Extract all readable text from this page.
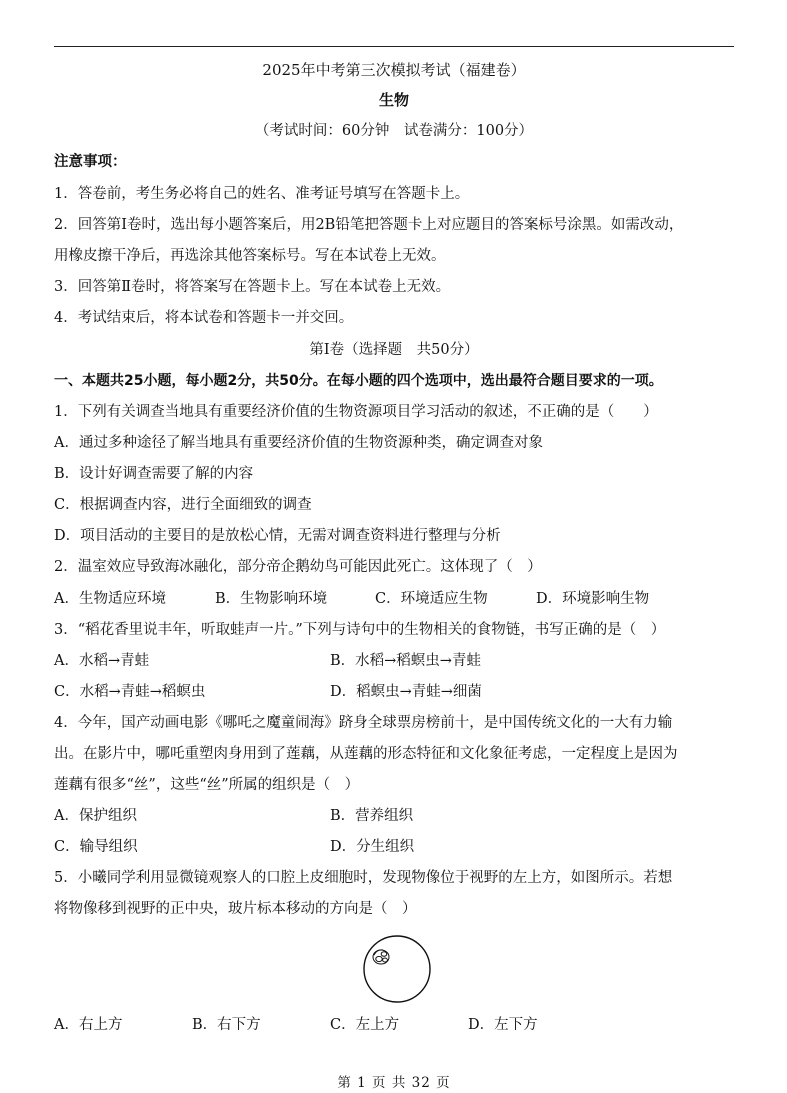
2025年中考第三次模拟考试（福建卷）
生物
（考试时间：60分钟　试卷满分：100分）
注意事项：
1．答卷前，考生务必将自己的姓名、准考证号填写在答题卡上。
2．回答第Ⅰ卷时，选出每小题答案后，用2B铅笔把答题卡上对应题目的答案标号涂黑。如需改动，
用橡皮擦干净后，再选涂其他答案标号。写在本试卷上无效。
3．回答第Ⅱ卷时，将答案写在答题卡上。写在本试卷上无效。
4．考试结束后，将本试卷和答题卡一并交回。
第Ⅰ卷（选择题　共50分）
一、本题共25小题，每小题2分，共50分。在每小题的四个选项中，选出最符合题目要求的一项。
1．下列有关调查当地具有重要经济价值的生物资源项目学习活动的叙述，不正确的是（　　）
A．通过多种途径了解当地具有重要经济价值的生物资源种类，确定调查对象
B．设计好调查需要了解的内容
C．根据调查内容，进行全面细致的调查
D．项目活动的主要目的是放松心情，无需对调查资料进行整理与分析
2．温室效应导致海冰融化，部分帝企鹅幼鸟可能因此死亡。这体现了（　）
A．生物适应环境	B．生物影响环境	C．环境适应生物	D．环境影响生物
3．“稻花香里说丰年，听取蛙声一片。”下列与诗句中的生物相关的食物链，书写正确的是（　）
A．水稻→青蛙	B．水稻→稻螟虫→青蛙
C．水稻→青蛙→稻螟虫	D．稻螟虫→青蛙→细菌
4．今年，国产动画电影《哪吒之魔童闹海》跻身全球票房榜前十，是中国传统文化的一大有力输
出。在影片中，哪吒重塑肉身用到了莲藕，从莲藕的形态特征和文化象征考虑，一定程度上是因为
莲藕有很多“丝”，这些“丝”所属的组织是（　）
A．保护组织	B．营养组织
C．输导组织	D．分生组织
5．小曦同学利用显微镜观察人的口腔上皮细胞时，发现物像位于视野的左上方，如图所示。若想
将物像移到视野的正中央，玻片标本移动的方向是（　）
A．右上方	B．右下方	C．左上方	D．左下方
第 1 页 共 32 页
